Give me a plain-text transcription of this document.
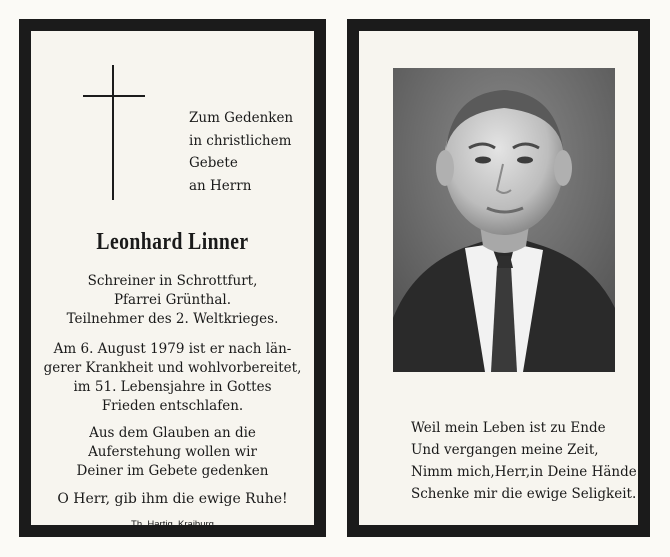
Zum Gedenken
in christlichem
Gebete
an Herrn
Leonhard Linner
Schreiner in Schrottfurt,
Pfarrei Grünthal.
Teilnehmer des 2. Weltkrieges.
Am 6. August 1979 ist er nach län-
gerer Krankheit und wohlvorbereitet,
im 51. Lebensjahre in Gottes
Frieden entschlafen.
Aus dem Glauben an die
Auferstehung wollen wir
Deiner im Gebete gedenken
O Herr, gib ihm die ewige Ruhe!
Th. Hartig, Kraiburg
Weil mein Leben ist zu Ende
Und vergangen meine Zeit,
Nimm mich,Herr,in Deine Hände
Schenke mir die ewige Seligkeit.
